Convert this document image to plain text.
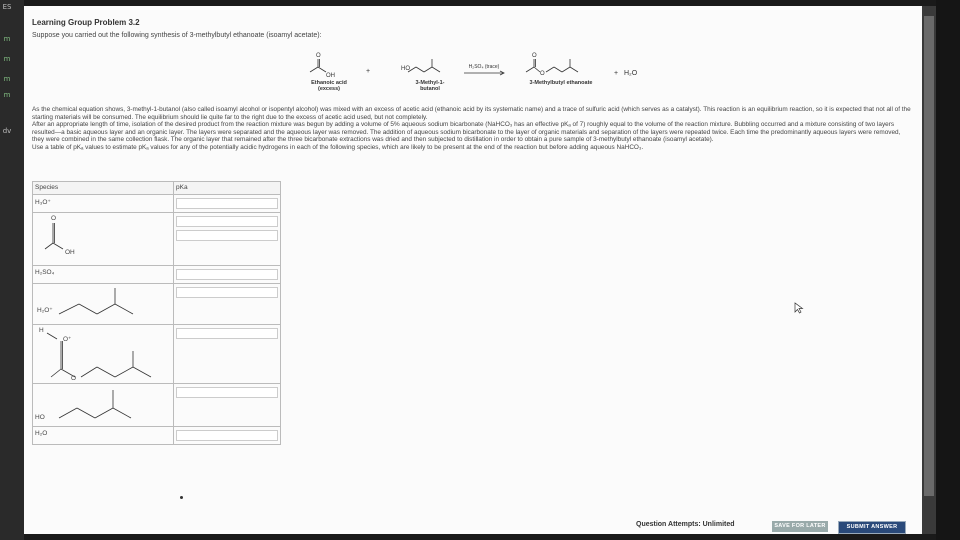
ES
m
m
m
m
dv
Learning Group Problem 3.2
Suppose you carried out the following synthesis of 3-methylbutyl ethanoate (isoamyl acetate):
O
OH
HO
O
O
Ethanoic acid
(excess)
+
3-Methyl-1-
butanol
H₂SO₄ (trace)
3-Methylbutyl ethanoate
+ H₂O

As the chemical equation shows, 3-methyl-1-butanol (also called isoamyl alcohol or isopentyl alcohol) was mixed with an excess of acetic acid (ethanoic acid by its systematic name) and a trace of sulfuric acid (which serves as a catalyst). This reaction is an equilibrium reaction, so it is expected that not all of the starting materials will be consumed. The equilibrium should lie quite far to the right due to the excess of acetic acid used, but not completely.

After an appropriate length of time, isolation of the desired product from the reaction mixture was begun by adding a volume of 5% aqueous sodium bicarbonate (NaHCO₃ has an effective pKₐ of 7) roughly equal to the volume of the reaction mixture. Bubbling occurred and a mixture consisting of two layers resulted—a basic aqueous layer and an organic layer. The layers were separated and the aqueous layer was removed. The addition of aqueous sodium bicarbonate to the layer of organic materials and separation of the layers were repeated twice. Each time the predominantly aqueous layers were removed, they were combined in the same collection flask. The organic layer that remained after the three bicarbonate extractions was dried and then subjected to distillation in order to obtain a pure sample of 3-methylbutyl ethanoate (isoamyl acetate).

Use a table of pKₐ values to estimate pKₐ values for any of the potentially acidic hydrogens in each of the following species, which are likely to be present at the end of the reaction but before adding aqueous NaHCO₃.

Species	pKa

H₃O⁺	

O
OH	

H₂SO₄	

H₂O⁺	

H
O⁺
O	

HO	

H₂O	

Question Attempts: Unlimited	SAVE FOR LATER	SUBMIT ANSWER
